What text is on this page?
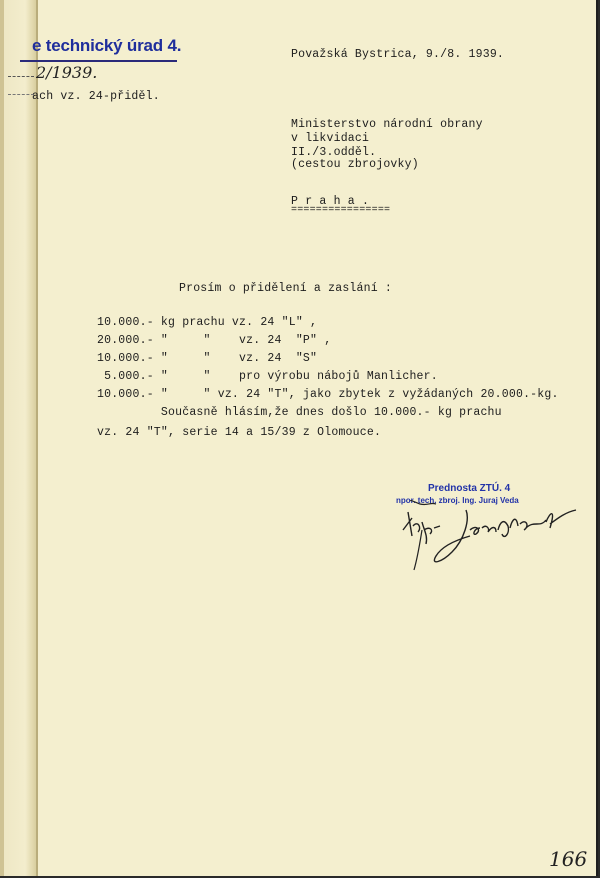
e technický úrad 4.
2/1939.
ach vz. 24-přiděl.
Považská Bystrica, 9./8. 1939.
Ministerstvo národní obrany
v likvidaci
II./3.odděl.
(cestou zbrojovky)
P r a h a .
================
Prosím o přidělení a zaslání :
10.000.- kg prachu vz. 24 "L" ,
20.000.- "     "    vz. 24  "P" ,
10.000.- "     "    vz. 24  "S"
5.000.- "     "    pro výrobu nábojů Manlicher.
10.000.- "     " vz. 24 "T", jako zbytek z vyžádaných 20.000.-kg.
Současně hlásím,že dnes došlo 10.000.- kg prachu
vz. 24 "T", serie 14 a 15/39 z Olomouce.
Prednosta ZTÚ. 4
npor. tech. zbroj. Ing. Juraj Veda
166
